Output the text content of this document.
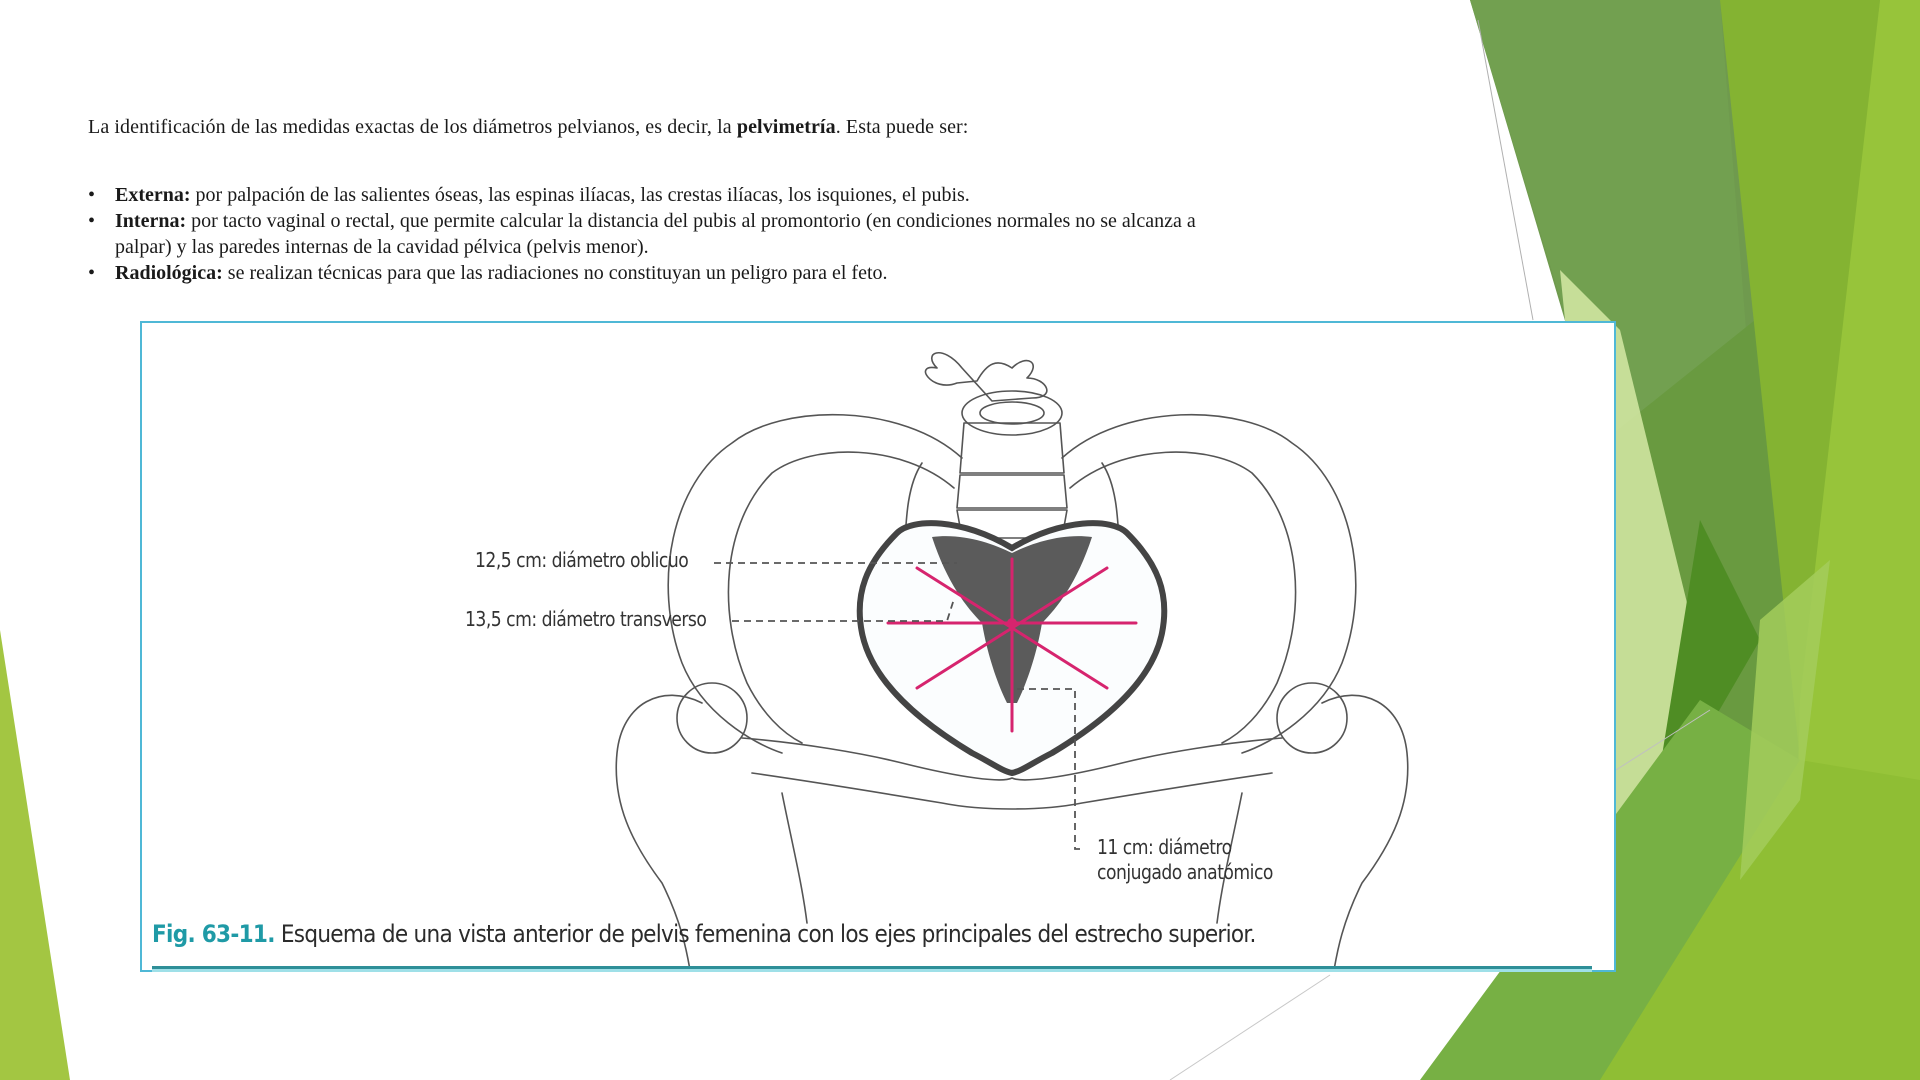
La identificación de las medidas exactas de los diámetros pelvianos, es decir, la pelvimetría. Esta puede ser:
• Externa: por palpación de las salientes óseas, las espinas ilíacas, las crestas ilíacas, los isquiones, el pubis.
• Interna: por tacto vaginal o rectal, que permite calcular la distancia del pubis al promontorio (en condiciones normales no se alcanza a palpar) y las paredes internas de la cavidad pélvica (pelvis menor).
• Radiológica: se realizan técnicas para que las radiaciones no constituyan un peligro para el feto.
12,5 cm: diámetro oblicuo
13,5 cm: diámetro transverso
11 cm: diámetro
conjugado anatómico
Fig. 63-11. Esquema de una vista anterior de pelvis femenina con los ejes principales del estrecho superior.
